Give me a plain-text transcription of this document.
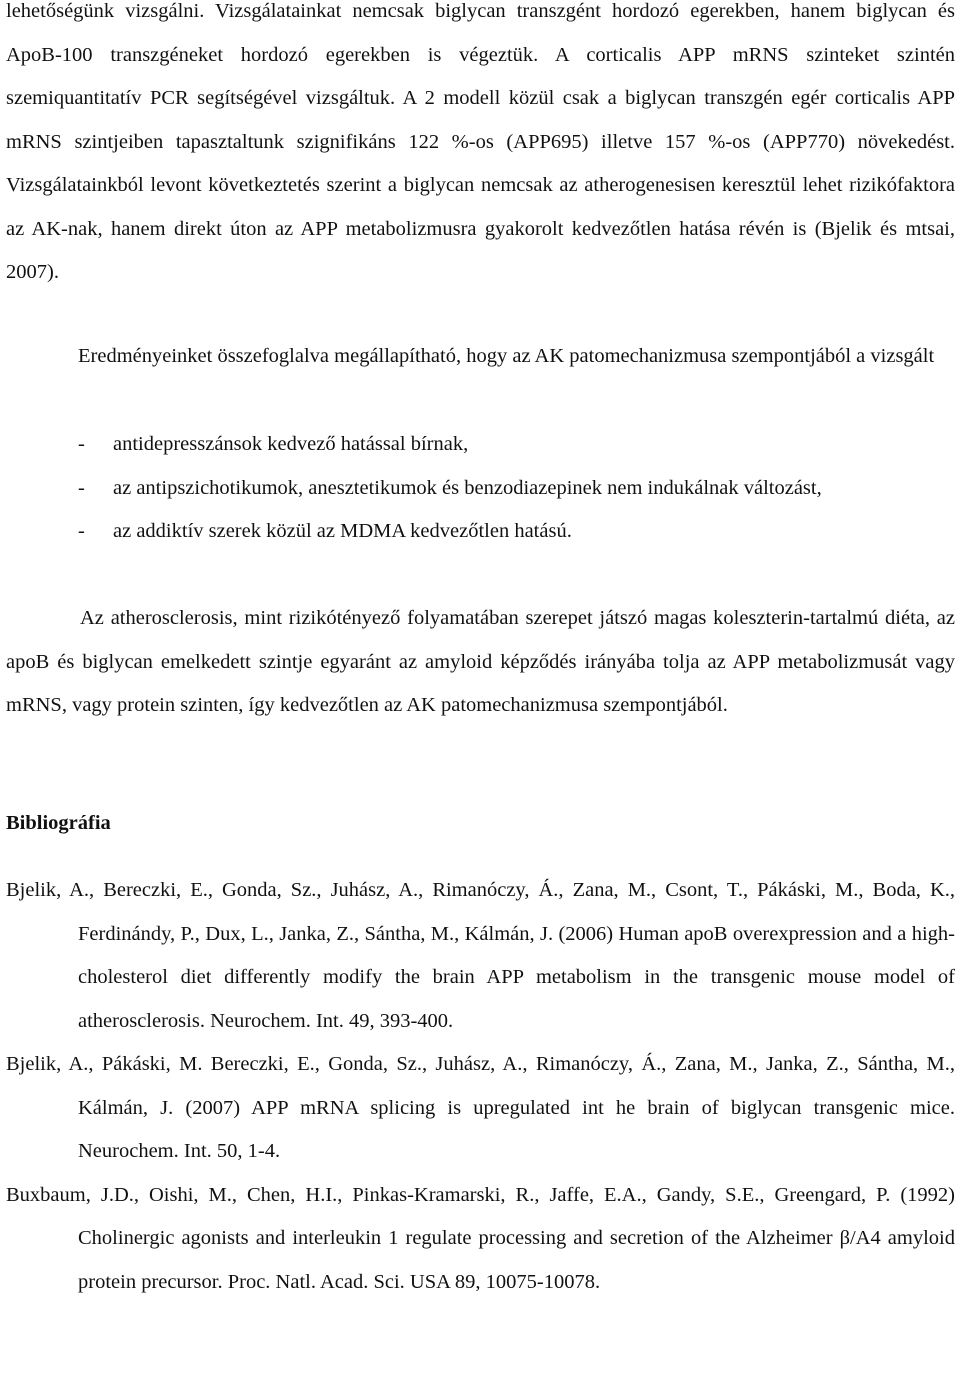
lehetőségünk vizsgálni. Vizsgálatainkat nemcsak biglycan transzgént hordozó egerekben, hanem biglycan és ApoB-100 transzgéneket hordozó egerekben is végeztük. A corticalis APP mRNS szinteket szintén szemiquantitatív PCR segítségével vizsgáltuk. A 2 modell közül csak a biglycan transzgén egér corticalis APP mRNS szintjeiben tapasztaltunk szignifikáns 122 %-os (APP695) illetve 157 %-os (APP770) növekedést. Vizsgálatainkból levont következtetés szerint a biglycan nemcsak az atherogenesisen keresztül lehet rizikófaktora az AK-nak, hanem direkt úton az APP metabolizmusra gyakorolt kedvezőtlen hatása révén is (Bjelik és mtsai, 2007).

Eredményeinket összefoglalva megállapítható, hogy az AK patomechanizmusa szempontjából a vizsgált

- antidepresszánsok kedvező hatással bírnak,
- az antipszichotikumok, anesztetikumok és benzodiazepinek nem indukálnak változást,
- az addiktív szerek közül az MDMA kedvezőtlen hatású.

Az atherosclerosis, mint rizikótényező folyamatában szerepet játszó magas koleszterin-tartalmú diéta, az apoB és biglycan emelkedett szintje egyaránt az amyloid képződés irányába tolja az APP metabolizmusát vagy mRNS, vagy protein szinten, így kedvezőtlen az AK patomechanizmusa szempontjából.

Bibliográfia
Bjelik, A., Bereczki, E., Gonda, Sz., Juhász, A., Rimanóczy, Á., Zana, M., Csont, T., Pákáski, M., Boda, K., Ferdinándy, P., Dux, L., Janka, Z., Sántha, M., Kálmán, J. (2006) Human apoB overexpression and a high-cholesterol diet differently modify the brain APP metabolism in the transgenic mouse model of atherosclerosis. Neurochem. Int. 49, 393-400.
Bjelik, A., Pákáski, M. Bereczki, E., Gonda, Sz., Juhász, A., Rimanóczy, Á., Zana, M., Janka, Z., Sántha, M., Kálmán, J. (2007) APP mRNA splicing is upregulated int he brain of biglycan transgenic mice. Neurochem. Int. 50, 1-4.
Buxbaum, J.D., Oishi, M., Chen, H.I., Pinkas-Kramarski, R., Jaffe, E.A., Gandy, S.E., Greengard, P. (1992) Cholinergic agonists and interleukin 1 regulate processing and secretion of the Alzheimer β/A4 amyloid protein precursor. Proc. Natl. Acad. Sci. USA 89, 10075-10078.
